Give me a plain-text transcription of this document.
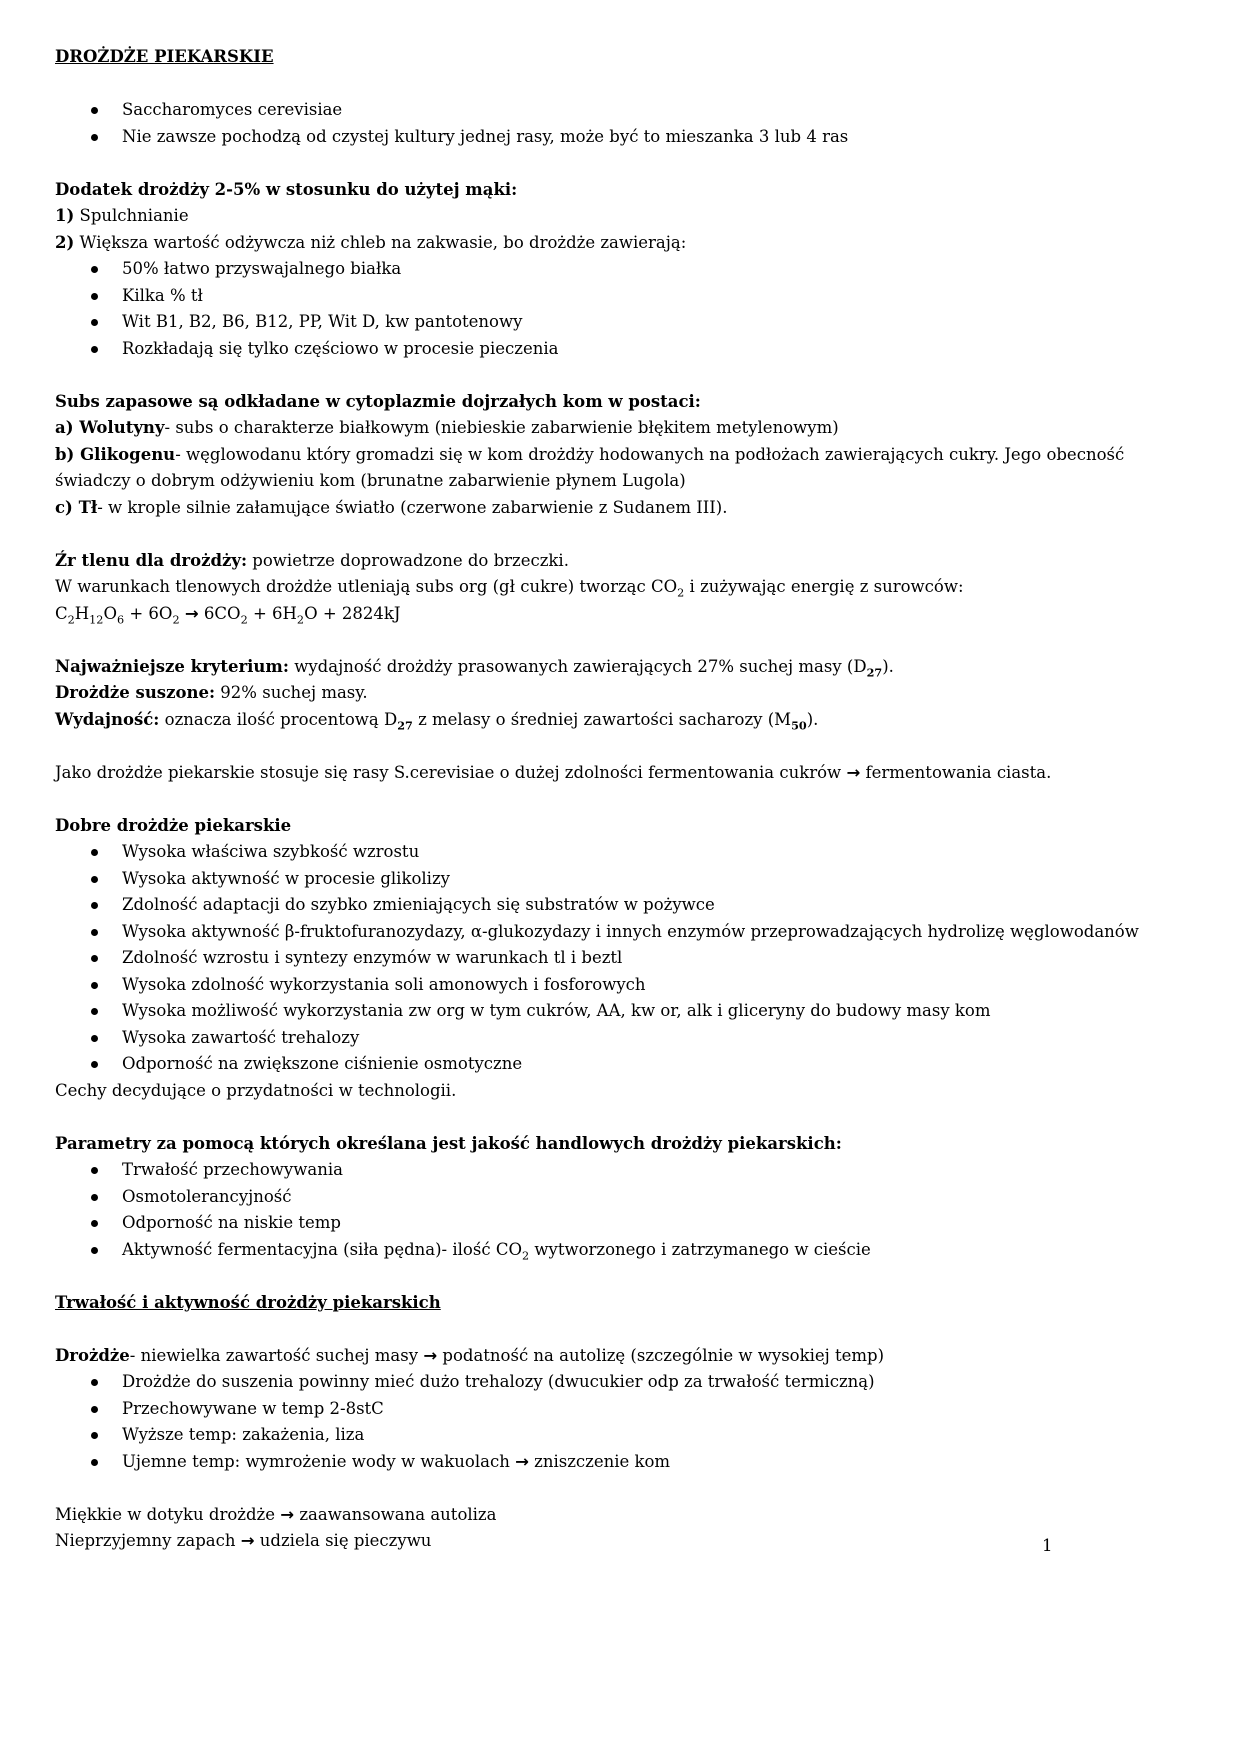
DROŻDŻE PIEKARSKIE
Saccharomyces cerevisiae
Nie zawsze pochodzą od czystej kultury jednej rasy, może być to mieszanka 3 lub 4 ras
Dodatek drożdży 2-5% w stosunku do użytej mąki:
1) Spulchnianie
2) Większa wartość odżywcza niż chleb na zakwasie, bo drożdże zawierają:
50% łatwo przyswajalnego białka
Kilka % tł
Wit B1, B2, B6, B12, PP, Wit D, kw pantotenowy
Rozkładają się tylko częściowo w procesie pieczenia
Subs zapasowe są odkładane w cytoplazmie dojrzałych kom w postaci:
a) Wolutyny- subs o charakterze białkowym (niebieskie zabarwienie błękitem metylenowym)
b) Glikogenu- węglowodanu który gromadzi się w kom drożdży hodowanych na podłożach zawierających cukry. Jego obecność świadczy o dobrym odżywieniu kom (brunatne zabarwienie płynem Lugola)
c) Tł- w krople silnie załamujące światło (czerwone zabarwienie z Sudanem III).
Źr tlenu dla drożdży: powietrze doprowadzone do brzeczki.
W warunkach tlenowych drożdże utleniają subs org (gł cukre) tworząc $CO_2$ i zużywając energię z surowców:
$C_2H_{12}O_6 + 6O_2 \to 6CO_2 + 6H_2O + 2824kJ$
Najważniejsze kryterium: wydajność drożdży prasowanych zawierających 27% suchej masy $(D_{27})$.
Drożdże suszone: 92% suchej masy.
Wydajność: oznacza ilość procentową $D_{27}$ z melasy o średniej zawartości sacharozy $(M_{50})$.
Jako drożdże piekarskie stosuje się rasy S.cerevisiae o dużej zdolności fermentowania cukrów → fermentowania ciasta.
Dobre drożdże piekarskie
Wysoka właściwa szybkość wzrostu
Wysoka aktywność w procesie glikolizy
Zdolność adaptacji do szybko zmieniających się substratów w pożywce
Wysoka aktywność β-fruktofuranozydazy, α-glukozydazy i innych enzymów przeprowadzających hydrolizę węglowodanów
Zdolność wzrostu i syntezy enzymów w warunkach tl i beztl
Wysoka zdolność wykorzystania soli amonowych i fosforowych
Wysoka możliwość wykorzystania zw org w tym cukrów, AA, kw or, alk i gliceryny do budowy masy kom
Wysoka zawartość trehalozy
Odporność na zwiększone ciśnienie osmotyczne
Cechy decydujące o przydatności w technologii.
Parametry za pomocą których określana jest jakość handlowych drożdży piekarskich:
Trwałość przechowywania
Osmotolerancyjność
Odporność na niskie temp
Aktywność fermentacyjna (siła pędna)- ilość $CO_2$ wytworzonego i zatrzymanego w cieście
Trwałość i aktywność drożdży piekarskich
Drożdże- niewielka zawartość suchej masy → podatność na autolizę (szczególnie w wysokiej temp)
Drożdże do suszenia powinny mieć dużo trehalozy (dwucukier odp za trwałość termiczną)
Przechowywane w temp 2-8stC
Wyższe temp: zakażenia, liza
Ujemne temp: wymrożenie wody w wakuolach → zniszczenie kom
Miękkie w dotyku drożdże → zaawansowana autoliza
Nieprzyjemny zapach → udziela się pieczywu	1
